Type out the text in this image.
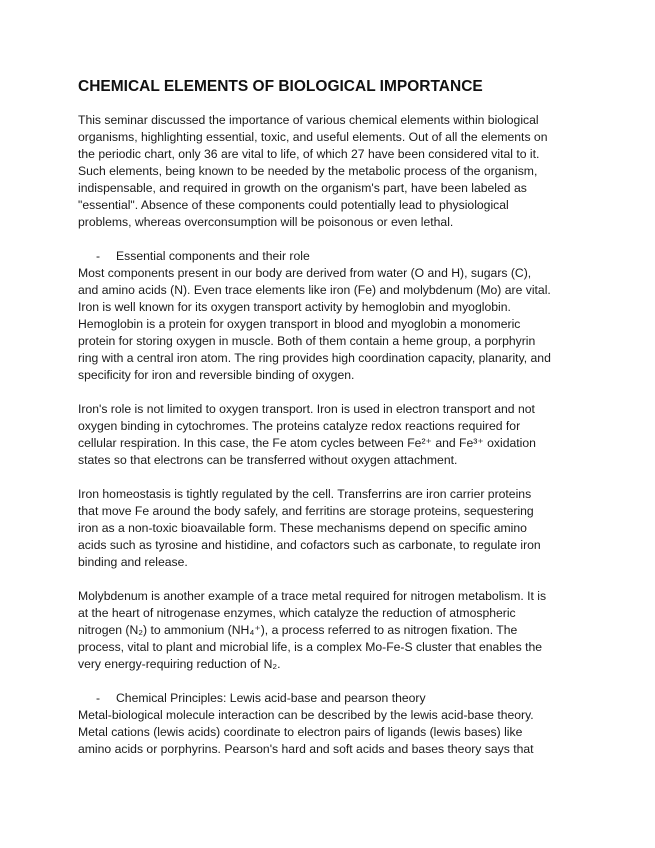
CHEMICAL ELEMENTS OF BIOLOGICAL IMPORTANCE
This seminar discussed the importance of various chemical elements within biological
organisms, highlighting essential, toxic, and useful elements. Out of all the elements on
the periodic chart, only 36 are vital to life, of which 27 have been considered vital to it.
Such elements, being known to be needed by the metabolic process of the organism,
indispensable, and required in growth on the organism's part, have been labeled as
"essential". Absence of these components could potentially lead to physiological
problems, whereas overconsumption will be poisonous or even lethal.
- Essential components and their role
Most components present in our body are derived from water (O and H), sugars (C),
and amino acids (N). Even trace elements like iron (Fe) and molybdenum (Mo) are vital.
Iron is well known for its oxygen transport activity by hemoglobin and myoglobin.
Hemoglobin is a protein for oxygen transport in blood and myoglobin a monomeric
protein for storing oxygen in muscle. Both of them contain a heme group, a porphyrin
ring with a central iron atom. The ring provides high coordination capacity, planarity, and
specificity for iron and reversible binding of oxygen.
Iron's role is not limited to oxygen transport. Iron is used in electron transport and not
oxygen binding in cytochromes. The proteins catalyze redox reactions required for
cellular respiration. In this case, the Fe atom cycles between Fe²⁺ and Fe³⁺ oxidation
states so that electrons can be transferred without oxygen attachment.
Iron homeostasis is tightly regulated by the cell. Transferrins are iron carrier proteins
that move Fe around the body safely, and ferritins are storage proteins, sequestering
iron as a non-toxic bioavailable form. These mechanisms depend on specific amino
acids such as tyrosine and histidine, and cofactors such as carbonate, to regulate iron
binding and release.
Molybdenum is another example of a trace metal required for nitrogen metabolism. It is
at the heart of nitrogenase enzymes, which catalyze the reduction of atmospheric
nitrogen (N₂) to ammonium (NH₄⁺), a process referred to as nitrogen fixation. The
process, vital to plant and microbial life, is a complex Mo-Fe-S cluster that enables the
very energy-requiring reduction of N₂.
- Chemical Principles: Lewis acid-base and pearson theory
Metal-biological molecule interaction can be described by the lewis acid-base theory.
Metal cations (lewis acids) coordinate to electron pairs of ligands (lewis bases) like
amino acids or porphyrins. Pearson's hard and soft acids and bases theory says that
